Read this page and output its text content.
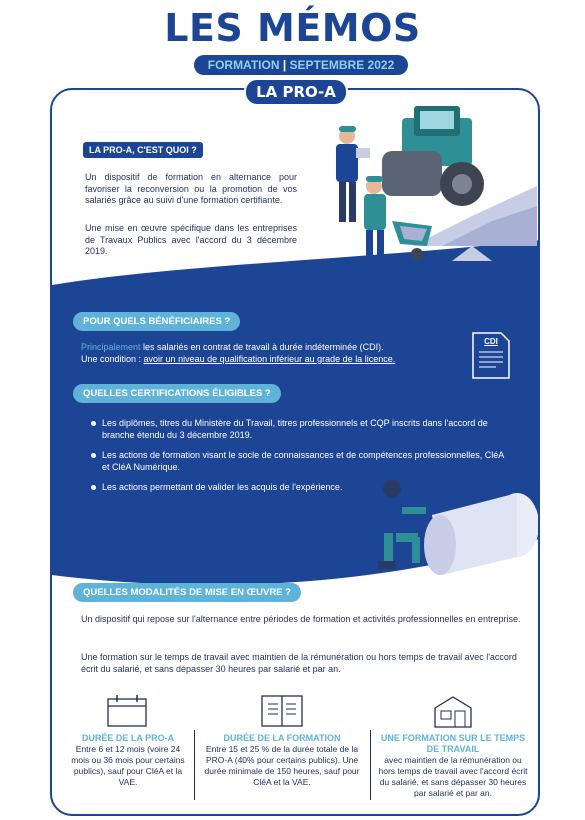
LES MÉMOS
FORMATION | SEPTEMBRE 2022
CDI
LA PRO-A, C'EST QUOI ?
Un dispositif de formation en alternance pour favoriser la reconversion ou la promotion de vos salariés grâce au suivi d'une formation certifiante.
Une mise en œuvre spécifique dans les entreprises de Travaux Publics avec l'accord du 3 décembre 2019.
POUR QUELS BÉNÉFICIAIRES ?
Principalement les salariés en contrat de travail à durée indéterminée (CDI).
Une condition : avoir un niveau de qualification inférieur au grade de la licence.
QUELLES CERTIFICATIONS ÉLIGIBLES ?
Les diplômes, titres du Ministère du Travail, titres professionnels et CQP inscrits dans l'accord de branche étendu du 3 décembre 2019.
Les actions de formation visant le socle de connaissances et de compétences professionnelles, CléA et CléA Numérique.
Les actions permettant de valider les acquis de l'expérience.
QUELLES MODALITÉS DE MISE EN ŒUVRE ?
Un dispositif qui repose sur l'alternance entre périodes de formation et activités professionnelles en entreprise.
Une formation sur le temps de travail avec maintien de la rémunération ou hors temps de travail avec l'accord écrit du salarié, et sans dépasser 30 heures par salarié et par an.
DURÉE DE LA PRO-A
Entre 6 et 12 mois (voire 24 mois ou 36 mois pour certains publics), sauf pour CléA et la VAE.
DURÉE DE LA FORMATION
Entre 15 et 25 % de la durée totale de la PRO-A (40% pour certains publics). Une durée minimale de 150 heures, sauf pour CléA et la VAE.
UNE FORMATION SUR LE TEMPS DE TRAVAIL
avec maintien de la rémunération ou hors temps de travail avec l'accord écrit du salarié, et sans dépasser 30 heures par salarié et par an.
LA PRO-A
